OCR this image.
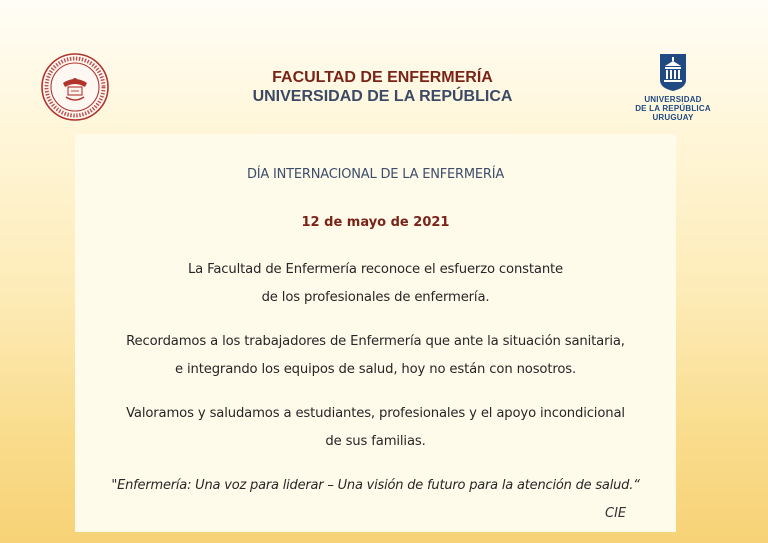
FACULTAD DE ENFERMERÍA
UNIVERSIDAD DE LA REPÚBLICA	UNIVERSIDAD
DE LA REPÚBLICA
URUGUAY
DÍA INTERNACIONAL DE LA ENFERMERÍA
12 de mayo de 2021
La Facultad de Enfermería reconoce el esfuerzo constante
de los profesionales de enfermería.
Recordamos a los trabajadores de Enfermería que ante la situación sanitaria,
e integrando los equipos de salud, hoy no están con nosotros.
Valoramos y saludamos a estudiantes, profesionales y el apoyo incondicional
de sus familias.
"Enfermería: Una voz para liderar – Una visión de futuro para la atención de salud.“
CIE
